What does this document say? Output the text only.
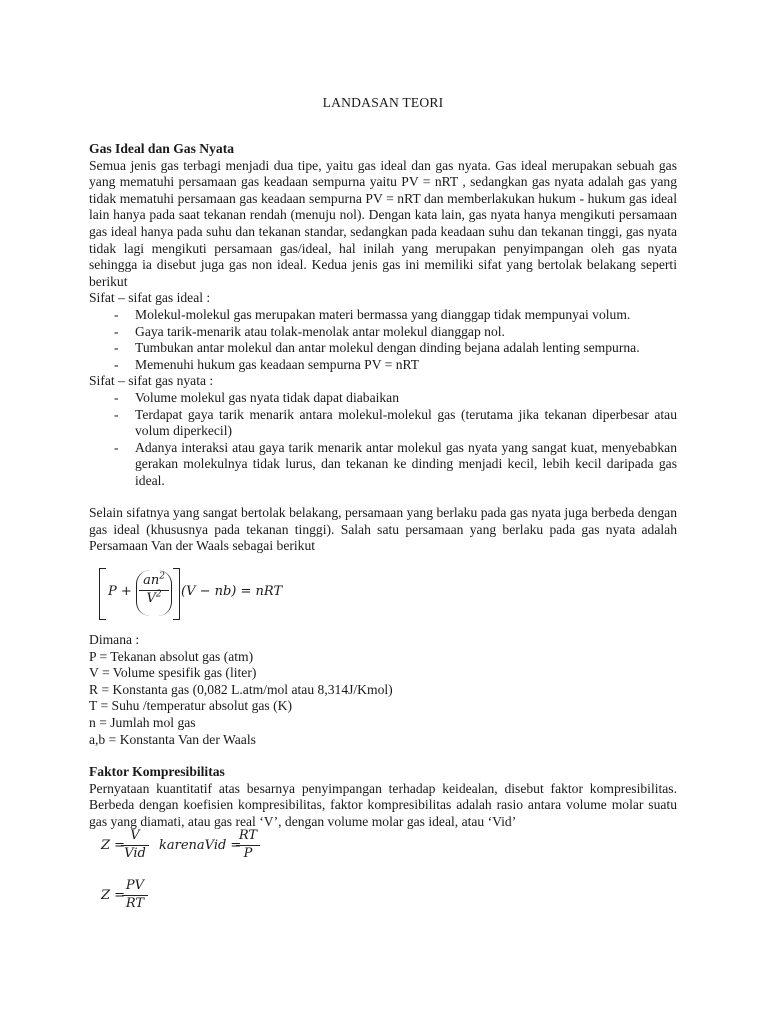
LANDASAN TEORI
Gas Ideal dan Gas Nyata
Semua jenis gas terbagi menjadi dua tipe, yaitu gas ideal dan gas nyata. Gas ideal merupakan sebuah gas yang mematuhi persamaan gas keadaan sempurna yaitu PV = nRT , sedangkan gas nyata adalah gas yang tidak mematuhi persamaan gas keadaan sempurna PV = nRT dan memberlakukan hukum - hukum gas ideal lain hanya pada saat tekanan rendah (menuju nol). Dengan kata lain, gas nyata hanya mengikuti persamaan gas ideal hanya pada suhu dan tekanan standar, sedangkan pada keadaan suhu dan tekanan tinggi, gas nyata tidak lagi mengikuti persamaan gas/ideal, hal inilah yang merupakan penyimpangan oleh gas nyata sehingga ia disebut juga gas non ideal. Kedua jenis gas ini memiliki sifat yang bertolak belakang seperti berikut
Sifat – sifat gas ideal :
- Molekul-molekul gas merupakan materi bermassa yang dianggap tidak mempunyai volum.
- Gaya tarik-menarik atau tolak-menolak antar molekul dianggap nol.
- Tumbukan antar molekul dan antar molekul dengan dinding bejana adalah lenting sempurna.
- Memenuhi hukum gas keadaan sempurna PV = nRT
Sifat – sifat gas nyata :
- Volume molekul gas nyata tidak dapat diabaikan
- Terdapat gaya tarik menarik antara molekul-molekul gas (terutama jika tekanan diperbesar atau volum diperkecil)
- Adanya interaksi atau gaya tarik menarik antar molekul gas nyata yang sangat kuat, menyebabkan gerakan molekulnya tidak lurus, dan tekanan ke dinding menjadi kecil, lebih kecil daripada gas ideal.
Selain sifatnya yang sangat bertolak belakang, persamaan yang berlaku pada gas nyata juga berbeda dengan gas ideal (khususnya pada tekanan tinggi). Salah satu persamaan yang berlaku pada gas nyata adalah Persamaan Van der Waals sebagai berikut
P +
$an^2$
$V^2$	(V − nb) = nRT
Dimana :
P = Tekanan absolut gas (atm)
V = Volume spesifik gas (liter)
R = Konstanta gas (0,082 L.atm/mol atau 8,314J/Kmol)
T = Suhu /temperatur absolut gas (K)
n = Jumlah mol gas
a,b = Konstanta Van der Waals
Faktor Kompresibilitas
Pernyataan kuantitatif atas besarnya penyimpangan terhadap keidealan, disebut faktor kompresibilitas. Berbeda dengan koefisien kompresibilitas, faktor kompresibilitas adalah rasio antara volume molar suatu gas yang diamati, atau gas real ‘V’, dengan volume molar gas ideal, atau ‘Vid’
Z =
V
Vid
karenaVid =
RT
P
Z =
PV
RT
